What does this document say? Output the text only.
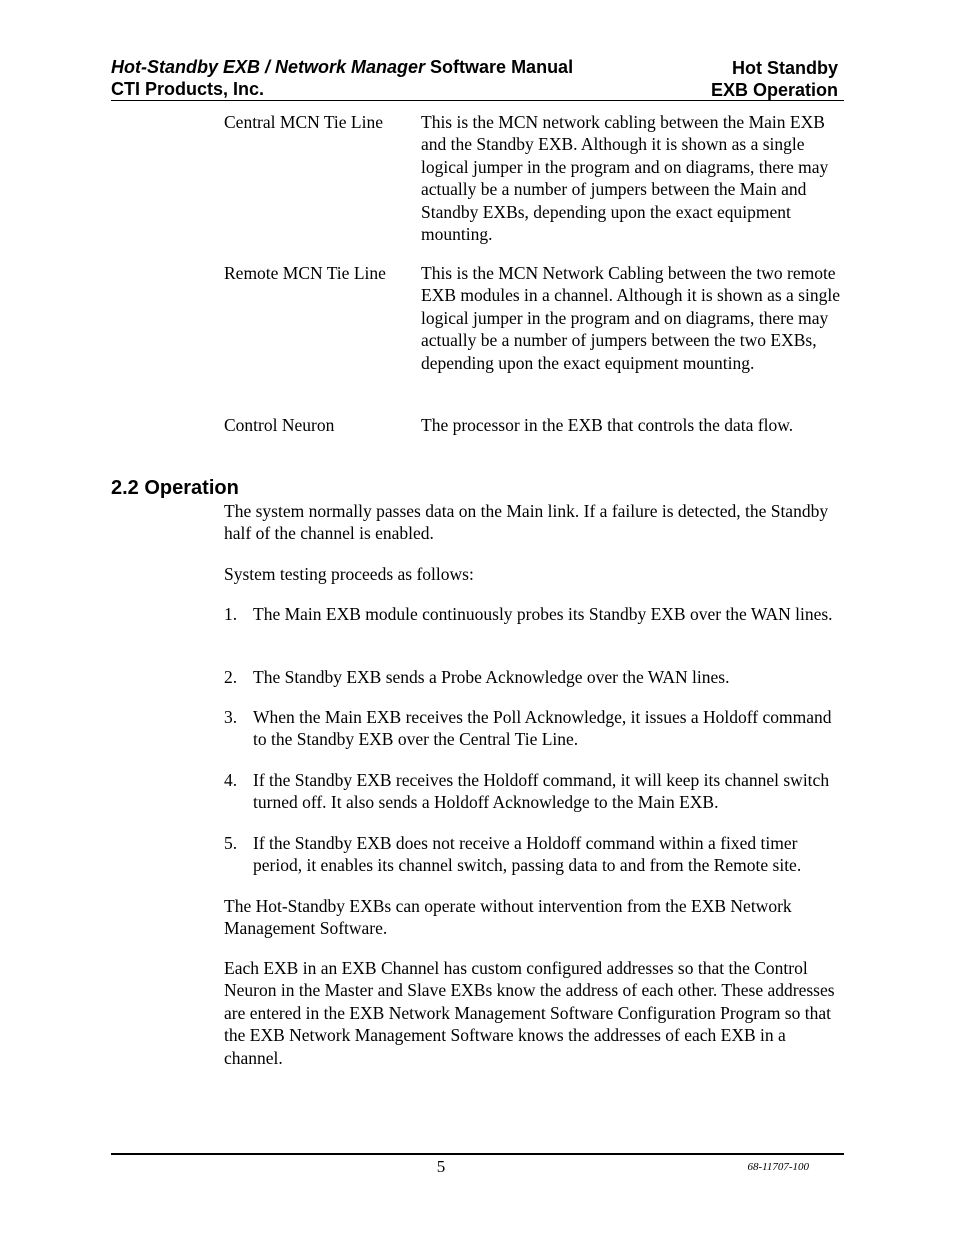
Hot-Standby EXB / Network Manager Software Manual
CTI Products, Inc.
Hot Standby
EXB Operation
Central MCN Tie Line	This is the MCN network cabling between the Main EXB and the Standby EXB. Although it is shown as a single logical jumper in the program and on diagrams, there may actually be a number of jumpers between the Main and Standby EXBs, depending upon the exact equipment mounting.
Remote MCN Tie Line	This is the MCN Network Cabling between the two remote EXB modules in a channel. Although it is shown as a single logical jumper in the program and on diagrams, there may actually be a number of jumpers between the two EXBs, depending upon the exact equipment mounting.
Control Neuron	The processor in the EXB that controls the data flow.
2.2 Operation
The system normally passes data on the Main link. If a failure is detected, the Standby half of the channel is enabled.
System testing proceeds as follows:
1. The Main EXB module continuously probes its Standby EXB over the WAN lines.
2. The Standby EXB sends a Probe Acknowledge over the WAN lines.
3. When the Main EXB receives the Poll Acknowledge, it issues a Holdoff command to the Standby EXB over the Central Tie Line.
4. If the Standby EXB receives the Holdoff command, it will keep its channel switch turned off. It also sends a Holdoff Acknowledge to the Main EXB.
5. If the Standby EXB does not receive a Holdoff command within a fixed timer period, it enables its channel switch, passing data to and from the Remote site.
The Hot-Standby EXBs can operate without intervention from the EXB Network Management Software.
Each EXB in an EXB Channel has custom configured addresses so that the Control Neuron in the Master and Slave EXBs know the address of each other. These addresses are entered in the EXB Network Management Software Configuration Program so that the EXB Network Management Software knows the addresses of each EXB in a channel.
5	68-11707-100
